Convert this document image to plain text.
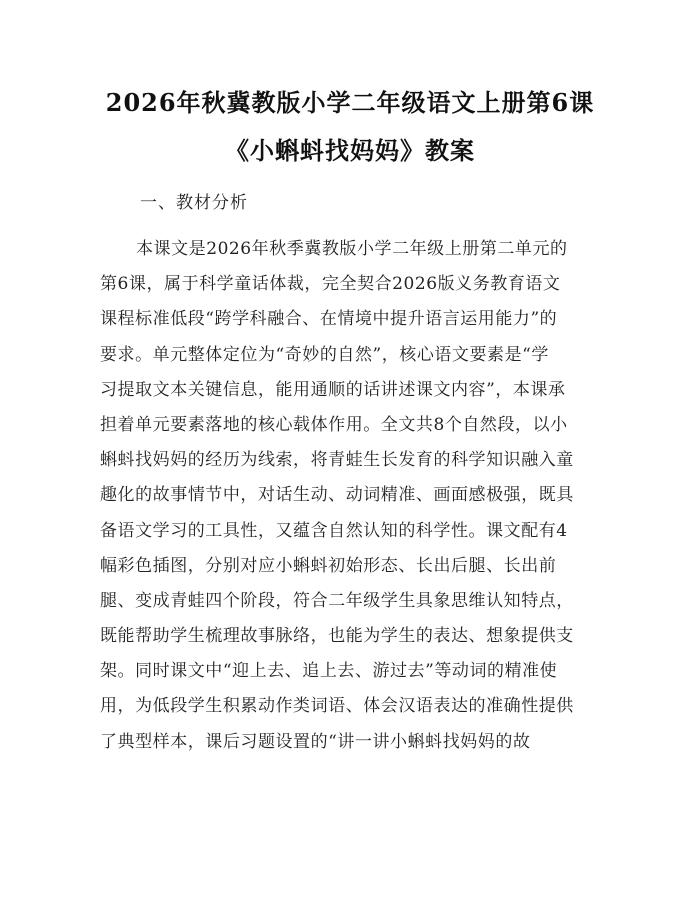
2026年秋冀教版小学二年级语文上册第6课
《小蝌蚪找妈妈》教案
一、教材分析
本课文是2026年秋季冀教版小学二年级上册第二单元的
第6课，属于科学童话体裁，完全契合2026版义务教育语文
课程标准低段“跨学科融合、在情境中提升语言运用能力”的
要求。单元整体定位为“奇妙的自然”，核心语文要素是“学
习提取文本关键信息，能用通顺的话讲述课文内容”，本课承
担着单元要素落地的核心载体作用。全文共8个自然段，以小
蝌蚪找妈妈的经历为线索，将青蛙生长发育的科学知识融入童
趣化的故事情节中，对话生动、动词精准、画面感极强，既具
备语文学习的工具性，又蕴含自然认知的科学性。课文配有4
幅彩色插图，分别对应小蝌蚪初始形态、长出后腿、长出前
腿、变成青蛙四个阶段，符合二年级学生具象思维认知特点，
既能帮助学生梳理故事脉络，也能为学生的表达、想象提供支
架。同时课文中“迎上去、追上去、游过去”等动词的精准使
用，为低段学生积累动作类词语、体会汉语表达的准确性提供
了典型样本，课后习题设置的“讲一讲小蝌蚪找妈妈的故
